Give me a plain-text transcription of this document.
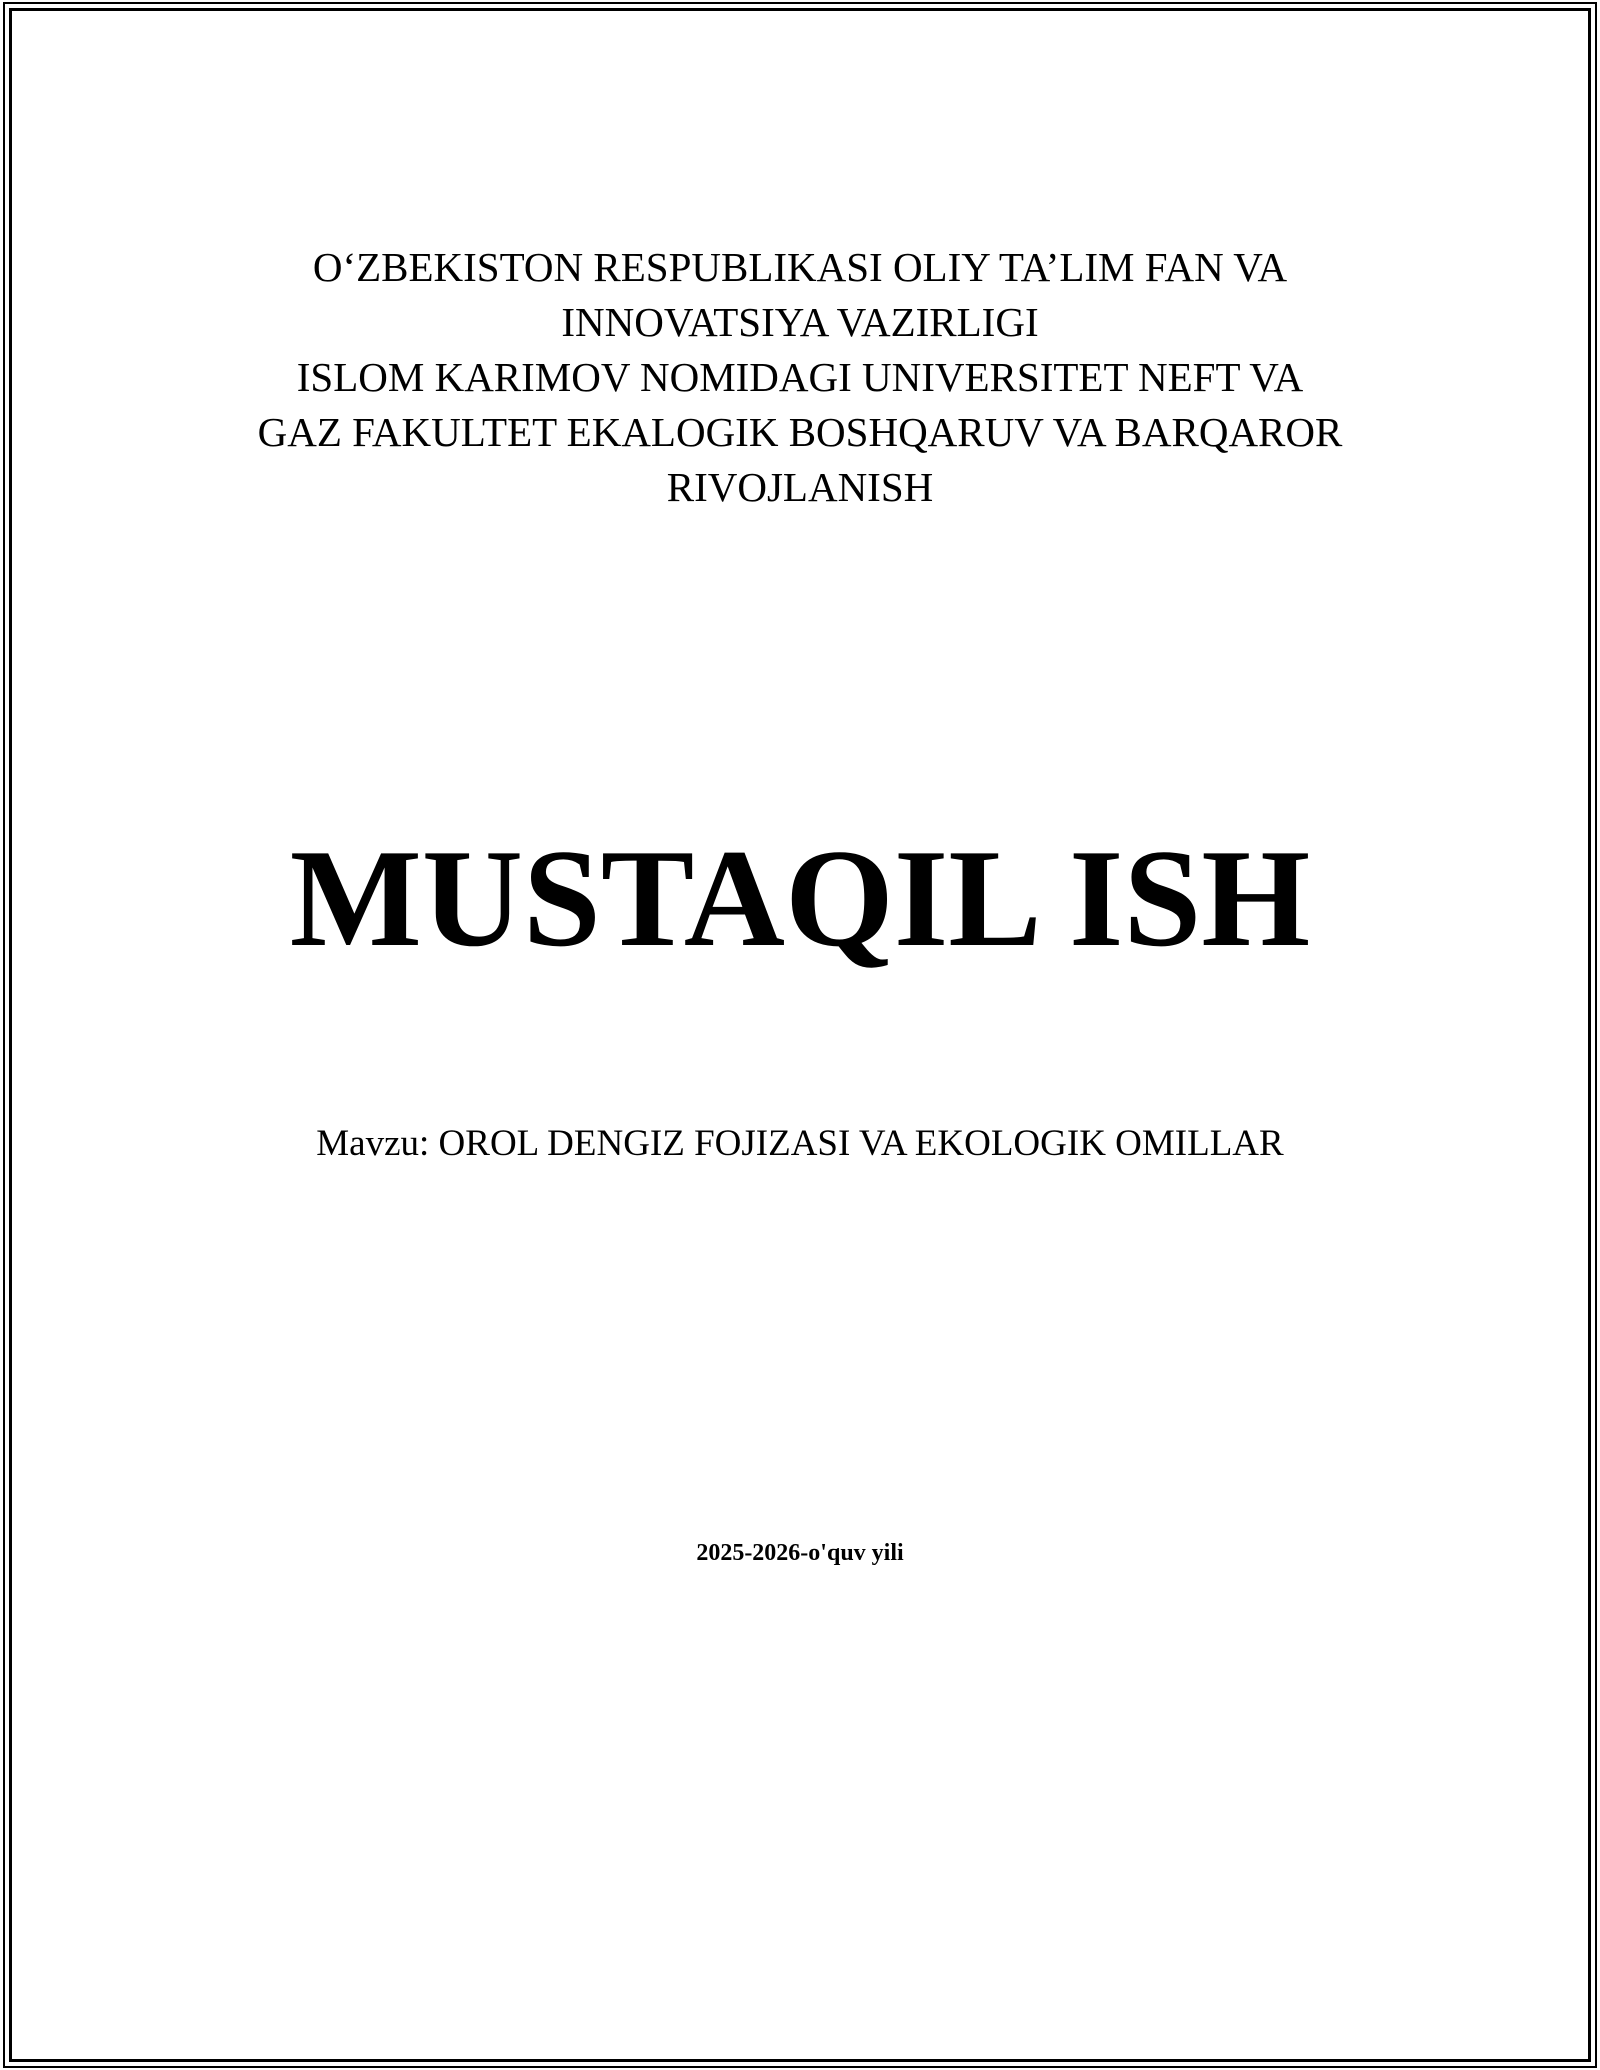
O‘ZBEKISTON RESPUBLIKASI OLIY TA’LIM FAN VA
INNOVATSIYA VAZIRLIGI
ISLOM KARIMOV NOMIDAGI UNIVERSITET NEFT VA
GAZ FAKULTET EKALOGIK BOSHQARUV VA BARQAROR
RIVOJLANISH
MUSTAQIL ISH
Mavzu: OROL DENGIZ FOJIZASI VA EKOLOGIK OMILLAR
2025-2026-o'quv yili
